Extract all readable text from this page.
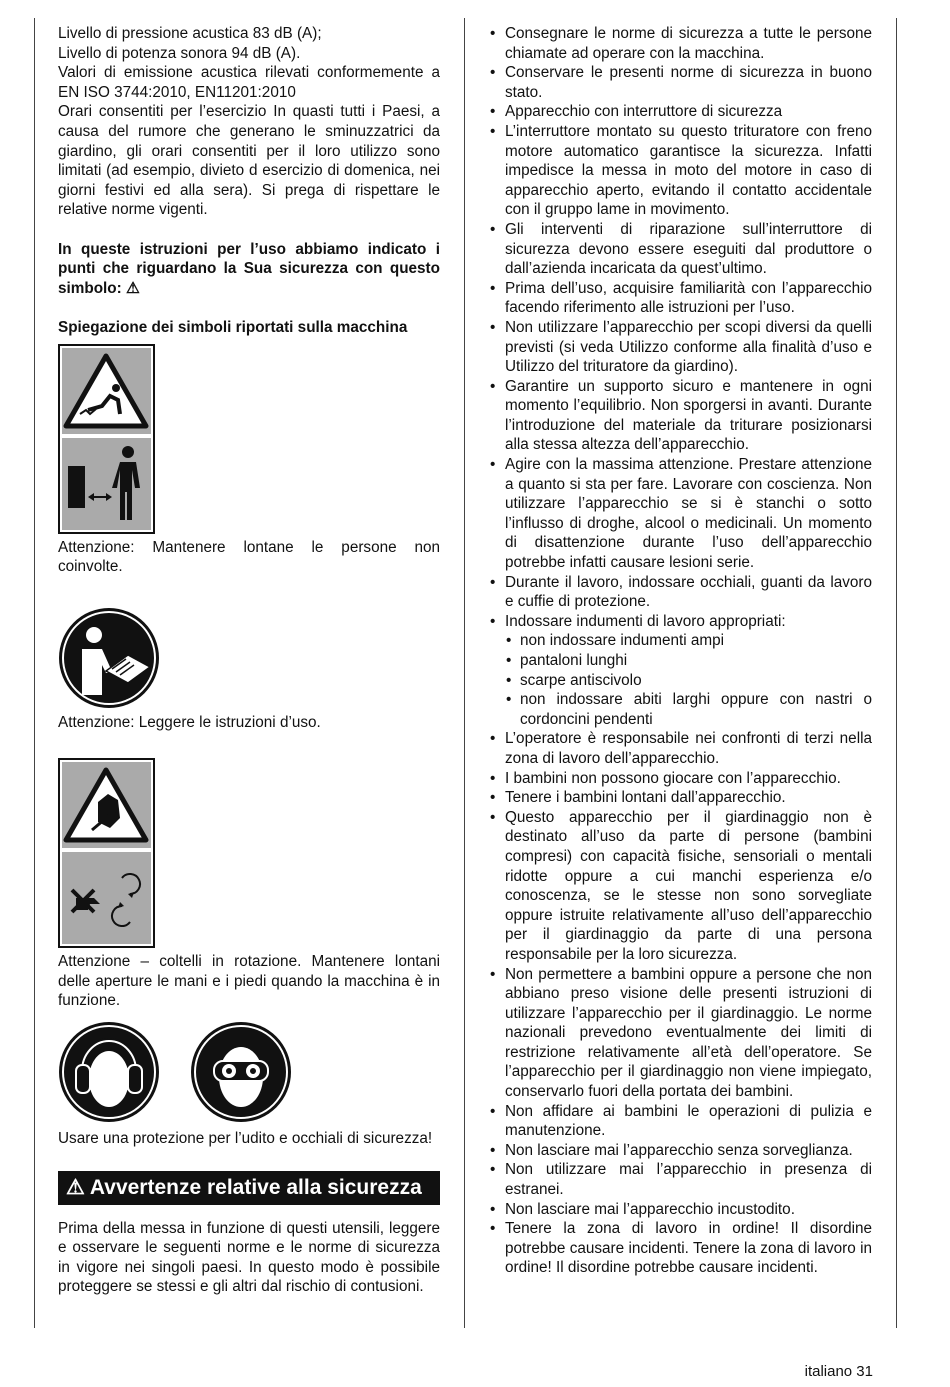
Livello di pressione acustica 83 dB (A);

Livello di potenza sonora 94 dB (A).

Valori di emissione acustica rilevati conformemente a EN ISO 3744:2010, EN11201:2010

Orari consentiti per l’esercizio In quasti tutti i Paesi, a causa del rumore che generano le sminuzzatrici da giardino, gli orari consentiti per il loro utilizzo sono limitati (ad esempio, divieto d esercizio di domenica, nei giorni festivi ed alla sera). Si prega di rispettare le relative norme vigenti.

In queste istruzioni per l’uso abbiamo indicato i punti che riguardano la Sua sicurezza con questo simbolo: ⚠

Spiegazione dei simboli riportati sulla macchina

Attenzione: Mantenere lontane le persone non coinvolte.

Attenzione: Leggere le istruzioni d’uso.

Attenzione – coltelli in rotazione. Mantenere lontani delle aperture le mani e i piedi quando la macchina è in funzione.

Usare una protezione per l’udito e occhiali di sicurezza!

⚠ Avvertenze relative alla sicurezza

Prima della messa in funzione di questi utensili, leggere e osservare le seguenti norme e le norme di sicurezza in vigore nei singoli paesi. In questo modo è possibile proteggere se stessi e gli altri dal rischio di contusioni.

• Consegnare le norme di sicurezza a tutte le persone chiamate ad operare con la macchina.
• Conservare le presenti norme di sicurezza in buono stato.
• Apparecchio con interruttore di sicurezza
• L’interruttore montato su questo trituratore con freno motore automatico garantisce la sicurezza. Infatti impedisce la messa in moto del motore in caso di apparecchio aperto, evitando il contatto accidentale con il gruppo lame in movimento.
• Gli interventi di riparazione sull’interruttore di sicurezza devono essere eseguiti dal produttore o dall’azienda incaricata da quest’ultimo.
• Prima dell’uso, acquisire familiarità con l’apparecchio facendo riferimento alle istruzioni per l’uso.
• Non utilizzare l’apparecchio per scopi diversi da quelli previsti (si veda Utilizzo conforme alla finalità d’uso e Utilizzo del trituratore da giardino).
• Garantire un supporto sicuro e mantenere in ogni momento l’equilibrio. Non sporgersi in avanti. Durante l’introduzione del materiale da triturare posizionarsi alla stessa altezza dell’apparecchio.
• Agire con la massima attenzione. Prestare attenzione a quanto si sta per fare. Lavorare con coscienza. Non utilizzare l’apparecchio se si è stanchi o sotto l’influsso di droghe, alcool o medicinali. Un momento di disattenzione durante l’uso dell’apparecchio potrebbe infatti causare lesioni serie.
• Durante il lavoro, indossare occhiali, guanti da lavoro e cuffie di protezione.
• Indossare indumenti di lavoro appropriati:
• non indossare indumenti ampi
• pantaloni lunghi
• scarpe antiscivolo
• non indossare abiti larghi oppure con nastri o cordoncini pendenti
• L’operatore è responsabile nei confronti di terzi nella zona di lavoro dell’apparecchio.
• I bambini non possono giocare con l’apparecchio.
• Tenere i bambini lontani dall’apparecchio.
• Questo apparecchio per il giardinaggio non è destinato all’uso da parte di persone (bambini compresi) con capacità fisiche, sensoriali o mentali ridotte oppure a cui manchi esperienza e/o conoscenza, se le stesse non sono sorvegliate oppure istruite relativamente all’uso dell’apparecchio per il giardinaggio da parte di una persona responsabile per la loro sicurezza.
• Non permettere a bambini oppure a persone che non abbiano preso visione delle presenti istruzioni di utilizzare l’apparecchio per il giardinaggio. Le norme nazionali prevedono eventualmente dei limiti di restrizione relativamente all’età dell’operatore. Se l’apparecchio per il giardinaggio non viene impiegato, conservarlo fuori della portata dei bambini.
• Non affidare ai bambini le operazioni di pulizia e manutenzione.
• Non lasciare mai l’apparecchio senza sorveglianza.
• Non utilizzare mai l’apparecchio in presenza di estranei.
• Non lasciare mai l’apparecchio incustodito.
• Tenere la zona di lavoro in ordine! Il disordine potrebbe causare incidenti. Tenere la zona di lavoro in ordine! Il disordine potrebbe causare incidenti.
italiano 31
